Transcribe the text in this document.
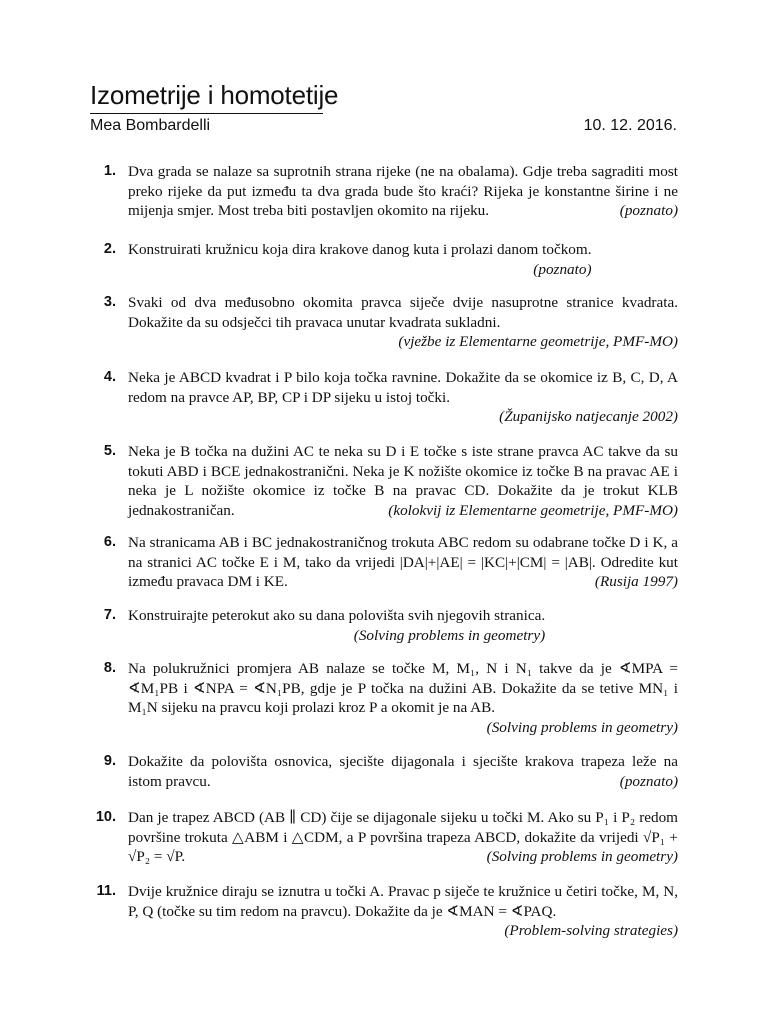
Izometrije i homotetije
Mea Bombardelli	10. 12. 2016.
1. Dva grada se nalaze sa suprotnih strana rijeke (ne na obalama). Gdje treba sagraditi most preko rijeke da put između ta dva grada bude što kraći? Rijeka je konstantne širine i ne mijenja smjer. Most treba biti postavljen okomito na rijeku.	(poznato)
2. Konstruirati kružnicu koja dira krakove danog kuta i prolazi danom točkom.
(poznato)
3. Svaki od dva međusobno okomita pravca siječe dvije nasuprotne stranice kvadrata. Dokažite da su odsječci tih pravaca unutar kvadrata sukladni.
(vježbe iz Elementarne geometrije, PMF-MO)
4. Neka je ABCD kvadrat i P bilo koja točka ravnine. Dokažite da se okomice iz B, C, D, A redom na pravce AP, BP, CP i DP sijeku u istoj točki.
(Županijsko natjecanje 2002)
5. Neka je B točka na dužini AC te neka su D i E točke s iste strane pravca AC takve da su tokuti ABD i BCE jednakostranični. Neka je K nožište okomice iz točke B na pravac AE i neka je L nožište okomice iz točke B na pravac CD. Dokažite da je trokut KLB jednakostraničan.	(kolokvij iz Elementarne geometrije, PMF-MO)
6. Na stranicama AB i BC jednakostraničnog trokuta ABC redom su odabrane točke D i K, a na stranici AC točke E i M, tako da vrijedi |DA|+|AE| = |KC|+|CM| = |AB|. Odredite kut između pravaca DM i KE.	(Rusija 1997)
7. Konstruirajte peterokut ako su dana polovišta svih njegovih stranica.
(Solving problems in geometry)
8. Na polukružnici promjera AB nalaze se točke M, M₁, N i N₁ takve da je ∢MPA = ∢M₁PB i ∢NPA = ∢N₁PB, gdje je P točka na dužini AB. Dokažite da se tetive MN₁ i M₁N sijeku na pravcu koji prolazi kroz P a okomit je na AB.
(Solving problems in geometry)
9. Dokažite da polovišta osnovica, sjecište dijagonala i sjecište krakova trapeza leže na istom pravcu.	(poznato)
10. Dan je trapez ABCD (AB ∥ CD) čije se dijagonale sijeku u točki M. Ako su P₁ i P₂ redom površine trokuta △ABM i △CDM, a P površina trapeza ABCD, dokažite da vrijedi √P₁ + √P₂ = √P.	(Solving problems in geometry)
11. Dvije kružnice diraju se iznutra u točki A. Pravac p siječe te kružnice u četiri točke, M, N, P, Q (točke su tim redom na pravcu). Dokažite da je ∢MAN = ∢PAQ.
(Problem-solving strategies)
